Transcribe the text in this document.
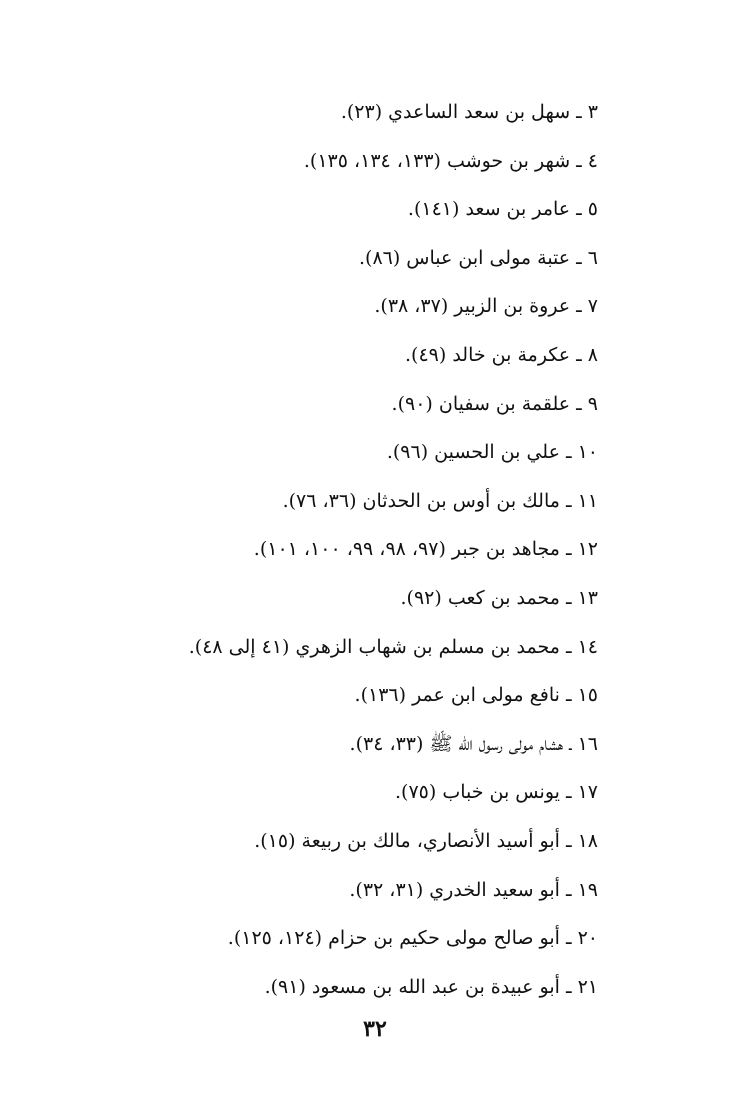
٣ ـ سهل بن سعد الساعدي (٢٣).
٤ ـ شهر بن حوشب (١٣٣، ١٣٤، ١٣٥).
٥ ـ عامر بن سعد (١٤١).
٦ ـ عتبة مولى ابن عباس (٨٦).
٧ ـ عروة بن الزبير (٣٧، ٣٨).
٨ ـ عكرمة بن خالد (٤٩).
٩ ـ علقمة بن سفيان (٩٠).
١٠ ـ علي بن الحسين (٩٦).
١١ ـ مالك بن أوس بن الحدثان (٣٦، ٧٦).
١٢ ـ مجاهد بن جبر (٩٧، ٩٨، ٩٩، ١٠٠، ١٠١).
١٣ ـ محمد بن كعب (٩٢).
١٤ ـ محمد بن مسلم بن شهاب الزهري (٤١ إلى ٤٨).
١٥ ـ نافع مولى ابن عمر (١٣٦).
١٦ ـ هشام مولى رسول الله ﷺ (٣٣، ٣٤).
١٧ ـ يونس بن خباب (٧٥).
١٨ ـ أبو أسيد الأنصاري، مالك بن ربيعة (١٥).
١٩ ـ أبو سعيد الخدري (٣١، ٣٢).
٢٠ ـ أبو صالح مولى حكيم بن حزام (١٢٤، ١٢٥).
٢١ ـ أبو عبيدة بن عبد الله بن مسعود (٩١).
٣٢
